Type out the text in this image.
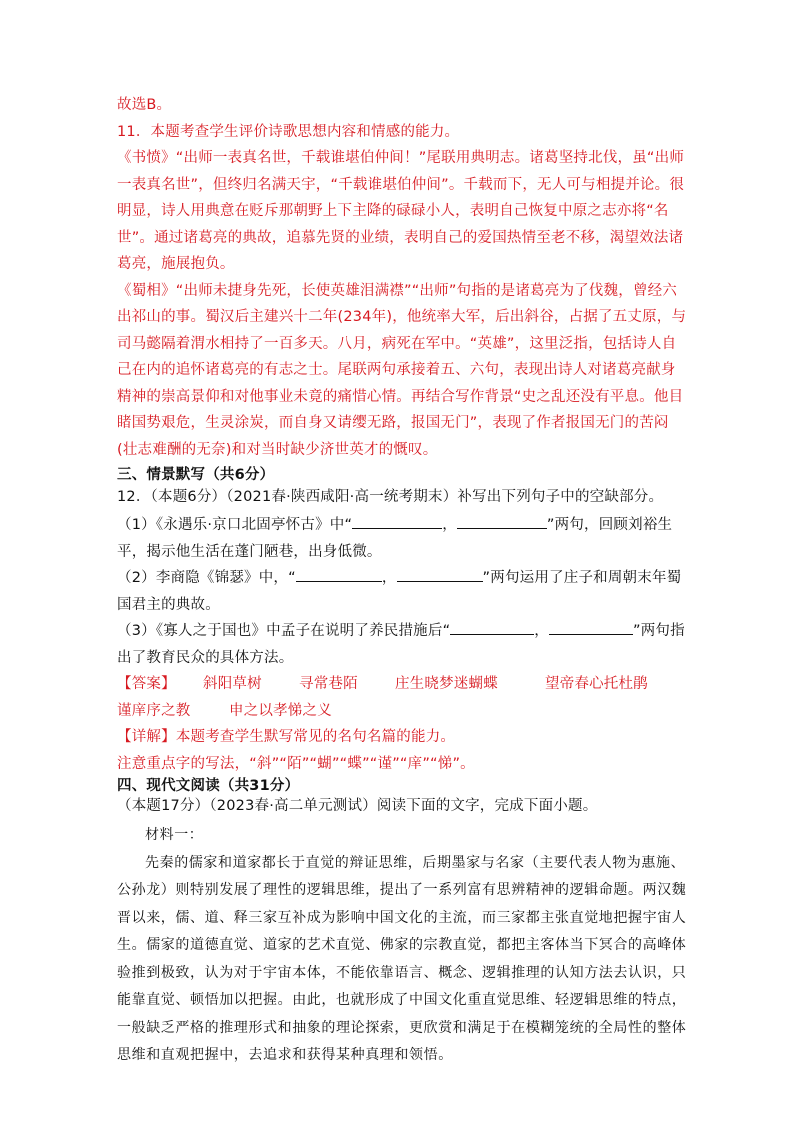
故选B。

11．本题考查学生评价诗歌思想内容和情感的能力。

《书愤》“出师一表真名世，千载谁堪伯仲间！”尾联用典明志。诸葛坚持北伐，虽“出师一表真名世”，但终归名满天宇，“千载谁堪伯仲间”。千载而下，无人可与相提并论。很明显，诗人用典意在贬斥那朝野上下主降的碌碌小人，表明自己恢复中原之志亦将“名世”。通过诸葛亮的典故，追慕先贤的业绩，表明自己的爱国热情至老不移，渴望效法诸葛亮，施展抱负。

《蜀相》“出师未捷身先死，长使英雄泪满襟”“出师”句指的是诸葛亮为了伐魏，曾经六出祁山的事。蜀汉后主建兴十二年(234年)，他统率大军，后出斜谷，占据了五丈原，与司马懿隔着渭水相持了一百多天。八月，病死在军中。“英雄”，这里泛指，包括诗人自己在内的追怀诸葛亮的有志之士。尾联两句承接着五、六句，表现出诗人对诸葛亮献身精神的崇高景仰和对他事业未竟的痛惜心情。再结合写作背景“史之乱还没有平息。他目睹国势艰危，生灵涂炭，而自身又请缨无路，报国无门”，表现了作者报国无门的苦闷(壮志难酬的无奈)和对当时缺少济世英才的慨叹。

三、情景默写（共6分）

12．（本题6分）（2021春·陕西咸阳·高一统考期末）补写出下列句子中的空缺部分。

（1）《永遇乐·京口北固亭怀古》中“	，	”两句，回顾刘裕生平，揭示他生活在蓬门陋巷，出身低微。

（2）李商隐《锦瑟》中，“	，	”两句运用了庄子和周朝末年蜀国君主的典故。

（3）《寡人之于国也》中孟子在说明了养民措施后“	，	”两句指出了教育民众的具体方法。

【答案】 斜阳草树	寻常巷陌	庄生晓梦迷蝴蝶	望帝春心托杜鹃

谨庠序之教	申之以孝悌之义

【详解】本题考查学生默写常见的名句名篇的能力。

注意重点字的写法，“斜”“陌”“蝴”“蝶”“谨”“庠”“悌”。

四、现代文阅读（共31分）

（本题17分）（2023春·高二单元测试）阅读下面的文字，完成下面小题。

材料一：

先秦的儒家和道家都长于直觉的辩证思维，后期墨家与名家（主要代表人物为惠施、公孙龙）则特别发展了理性的逻辑思维，提出了一系列富有思辨精神的逻辑命题。两汉魏晋以来，儒、道、释三家互补成为影响中国文化的主流，而三家都主张直觉地把握宇宙人生。儒家的道德直觉、道家的艺术直觉、佛家的宗教直觉，都把主客体当下冥合的高峰体验推到极致，认为对于宇宙本体，不能依靠语言、概念、逻辑推理的认知方法去认识，只能靠直觉、顿悟加以把握。由此，也就形成了中国文化重直觉思维、轻逻辑思维的特点，一般缺乏严格的推理形式和抽象的理论探索，更欣赏和满足于在模糊笼统的全局性的整体思维和直观把握中，去追求和获得某种真理和领悟。
